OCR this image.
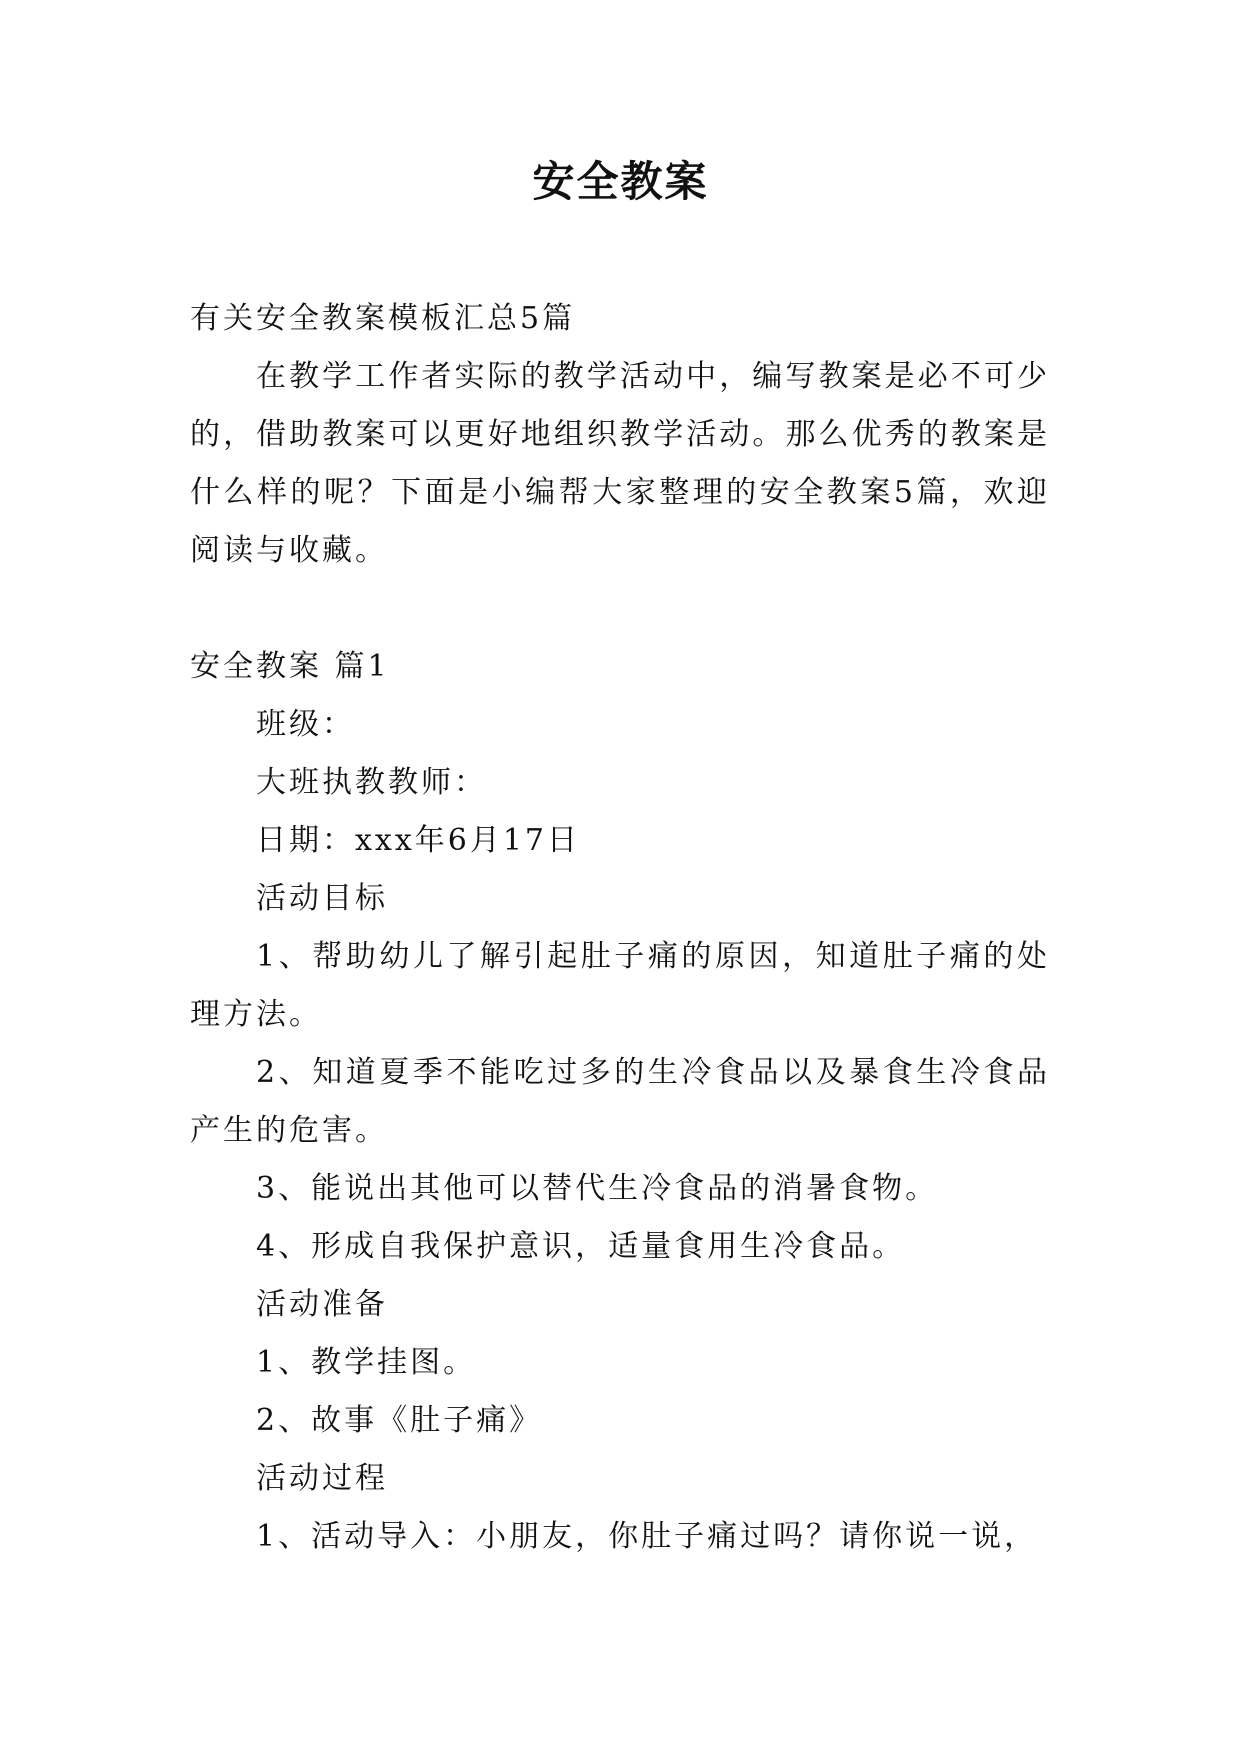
安全教案

有关安全教案模板汇总5篇

在教学工作者实际的教学活动中，编写教案是必不可少的，借助教案可以更好地组织教学活动。那么优秀的教案是什么样的呢？下面是小编帮大家整理的安全教案5篇，欢迎阅读与收藏。

安全教案 篇1

班级：

大班执教教师：

日期：xxx年6月17日

活动目标

1、帮助幼儿了解引起肚子痛的原因，知道肚子痛的处理方法。

2、知道夏季不能吃过多的生冷食品以及暴食生冷食品产生的危害。

3、能说出其他可以替代生冷食品的消暑食物。

4、形成自我保护意识，适量食用生冷食品。

活动准备

1、教学挂图。

2、故事《肚子痛》

活动过程

1、活动导入：小朋友，你肚子痛过吗？请你说一说，
